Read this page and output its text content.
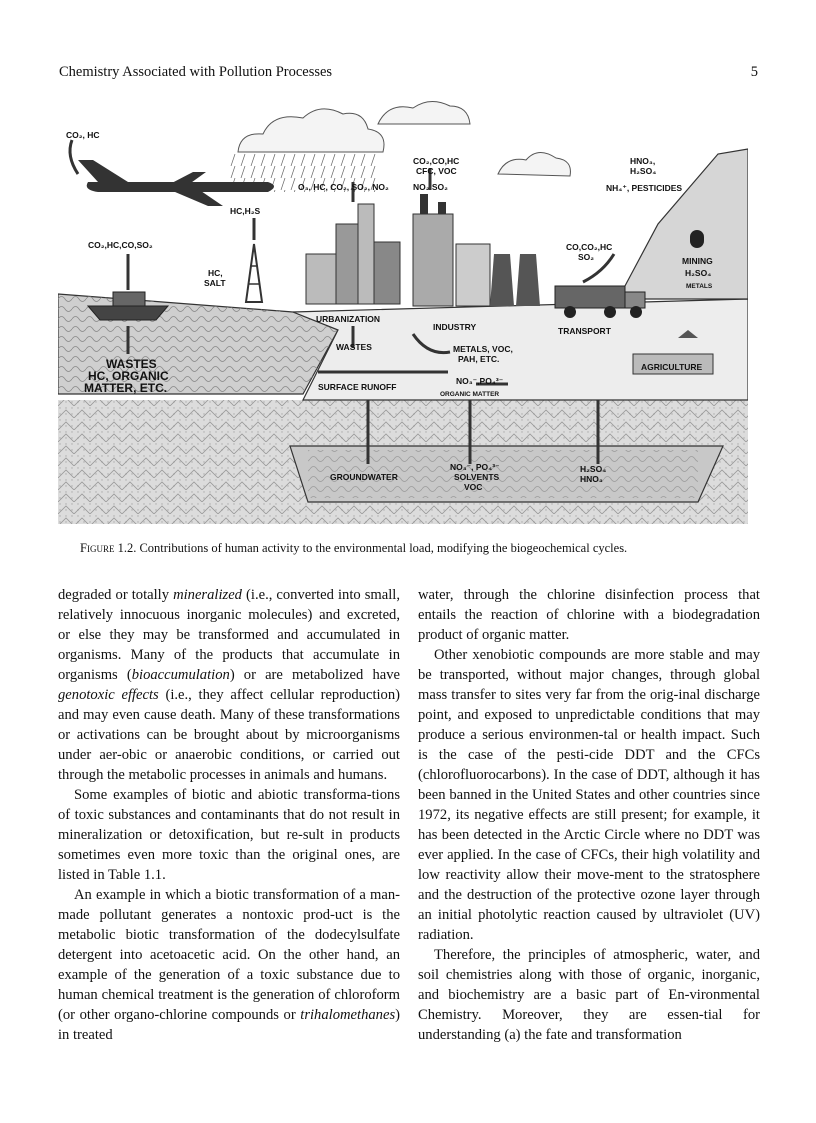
Chemistry Associated with Pollution Processes	5
CO₂, HC
O₃, HC, CO₂, SO₂, NO₂
HC,H₂S
CO₂,HC,CO,SO₂
HC,
SALT
URBANIZATION
WASTES
CO₂,CO,HC
CFC, VOC
NO₂ SO₂
INDUSTRY
METALS, VOC,
PAH, ETC.
NO₃⁻,PO₄³⁻
ORGANIC MATTER
SURFACE RUNOFF
CO,CO₂,HC
SO₂
TRANSPORT
HNO₃,
H₂SO₄
NH₄⁺, PESTICIDES
MINING
H₂SO₄
METALS
AGRICULTURE
WASTES
HC, ORGANIC
MATTER, ETC.
GROUNDWATER
NO₃⁻, PO₄³⁻
SOLVENTS
VOC
H₂SO₄
HNO₃
Figure 1.2. Contributions of human activity to the environmental load, modifying the biogeochemical cycles.

degraded or totally mineralized (i.e., converted into small, relatively innocuous inorganic molecules) and excreted, or else they may be transformed and accumulated in organisms. Many of the products that accumulate in organisms (bioaccumulation) or are metabolized have genotoxic effects (i.e., they affect cellular reproduction) and may even cause death. Many of these transformations or activations can be brought about by microorganisms under aer-obic or anaerobic conditions, or carried out through the metabolic processes in animals and humans.

Some examples of biotic and abiotic transforma-tions of toxic substances and contaminants that do not result in mineralization or detoxification, but re-sult in products sometimes even more toxic than the original ones, are listed in Table 1.1.

An example in which a biotic transformation of a man-made pollutant generates a nontoxic prod-uct is the metabolic biotic transformation of the dodecylsulfate detergent into acetoacetic acid. On the other hand, an example of the generation of a toxic substance due to human chemical treatment is the generation of chloroform (or other organo-chlorine compounds or trihalomethanes) in treated

water, through the chlorine disinfection process that entails the reaction of chlorine with a biodegradation product of organic matter.

Other xenobiotic compounds are more stable and may be transported, without major changes, through global mass transfer to sites very far from the orig-inal discharge point, and exposed to unpredictable conditions that may produce a serious environmen-tal or health impact. Such is the case of the pesti-cide DDT and the CFCs (chlorofluorocarbons). In the case of DDT, although it has been banned in the United States and other countries since 1972, its negative effects are still present; for example, it has been detected in the Arctic Circle where no DDT was ever applied. In the case of CFCs, their high volatility and low reactivity allow their move-ment to the stratosphere and the destruction of the protective ozone layer through an initial photolytic reaction caused by ultraviolet (UV) radiation.

Therefore, the principles of atmospheric, water, and soil chemistries along with those of organic, inorganic, and biochemistry are a basic part of En-vironmental Chemistry. Moreover, they are essen-tial for understanding (a) the fate and transformation
